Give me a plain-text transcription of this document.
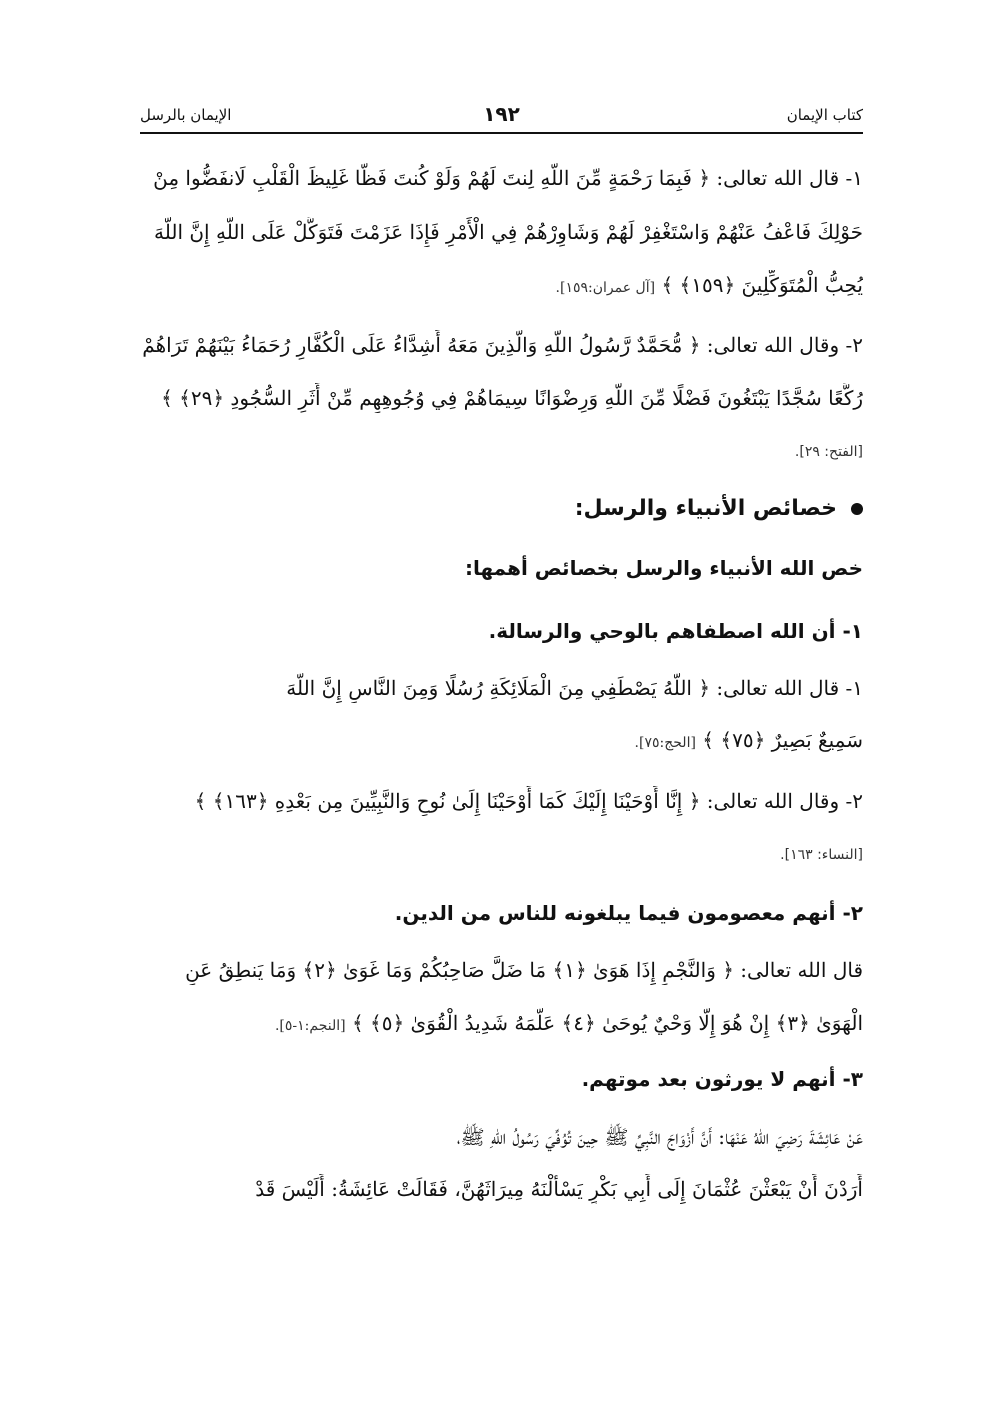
كتاب الإيمان
١٩٢
الإيمان بالرسل
١- قال الله تعالى: ﴿ فَبِمَا رَحْمَةٍ مِّنَ اللَّهِ لِنتَ لَهُمْ وَلَوْ كُنتَ فَظًّا غَلِيظَ الْقَلْبِ لَانفَضُّوا مِنْ
حَوْلِكَ فَاعْفُ عَنْهُمْ وَاسْتَغْفِرْ لَهُمْ وَشَاوِرْهُمْ فِي الْأَمْرِ فَإِذَا عَزَمْتَ فَتَوَكَّلْ عَلَى اللَّهِ إِنَّ اللَّهَ
يُحِبُّ الْمُتَوَكِّلِينَ ﴿١٥٩﴾ ﴾ [آل عمران:١٥٩].
٢- وقال الله تعالى: ﴿ مُّحَمَّدٌ رَّسُولُ اللَّهِ وَالَّذِينَ مَعَهُ أَشِدَّاءُ عَلَى الْكُفَّارِ رُحَمَاءُ بَيْنَهُمْ تَرَاهُمْ
رُكَّعًا سُجَّدًا يَبْتَغُونَ فَضْلًا مِّنَ اللَّهِ وَرِضْوَانًا سِيمَاهُمْ فِي وُجُوهِهِم مِّنْ أَثَرِ السُّجُودِ ﴿٢٩﴾ ﴾
[الفتح: ٢٩].
خصائص الأنبياء والرسل:
خص الله الأنبياء والرسل بخصائص أهمها:
١- أن الله اصطفاهم بالوحي والرسالة.
١- قال الله تعالى: ﴿ اللَّهُ يَصْطَفِي مِنَ الْمَلَائِكَةِ رُسُلًا وَمِنَ النَّاسِ إِنَّ اللَّهَ
سَمِيعٌ بَصِيرٌ ﴿٧٥﴾ ﴾ [الحج:٧٥].
٢- وقال الله تعالى: ﴿ إِنَّا أَوْحَيْنَا إِلَيْكَ كَمَا أَوْحَيْنَا إِلَىٰ نُوحٍ وَالنَّبِيِّينَ مِن بَعْدِهِ ﴿١٦٣﴾ ﴾
[النساء: ١٦٣].
٢- أنهم معصومون فيما يبلغونه للناس من الدين.
قال الله تعالى: ﴿ وَالنَّجْمِ إِذَا هَوَىٰ ﴿١﴾ مَا ضَلَّ صَاحِبُكُمْ وَمَا غَوَىٰ ﴿٢﴾ وَمَا يَنطِقُ عَنِ
الْهَوَىٰ ﴿٣﴾ إِنْ هُوَ إِلَّا وَحْيٌ يُوحَىٰ ﴿٤﴾ عَلَّمَهُ شَدِيدُ الْقُوَىٰ ﴿٥﴾ ﴾ [النجم:١-٥].
٣- أنهم لا يورثون بعد موتهم.
عَنْ عَائِشَةَ رَضِيَ اللهُ عَنْهَا: أَنَّ أَزْوَاجَ النَّبِيِّ ﷺ حِينَ تُوُفِّيَ رَسُولُ اللهِ ﷺ،
أَرَدْنَ أَنْ يَبْعَثْنَ عُثْمَانَ إِلَى أَبِي بَكْرٍ يَسْأَلْنَهُ مِيرَاثَهُنَّ، فَقَالَتْ عَائِشَةُ: أَلَيْسَ قَدْ
